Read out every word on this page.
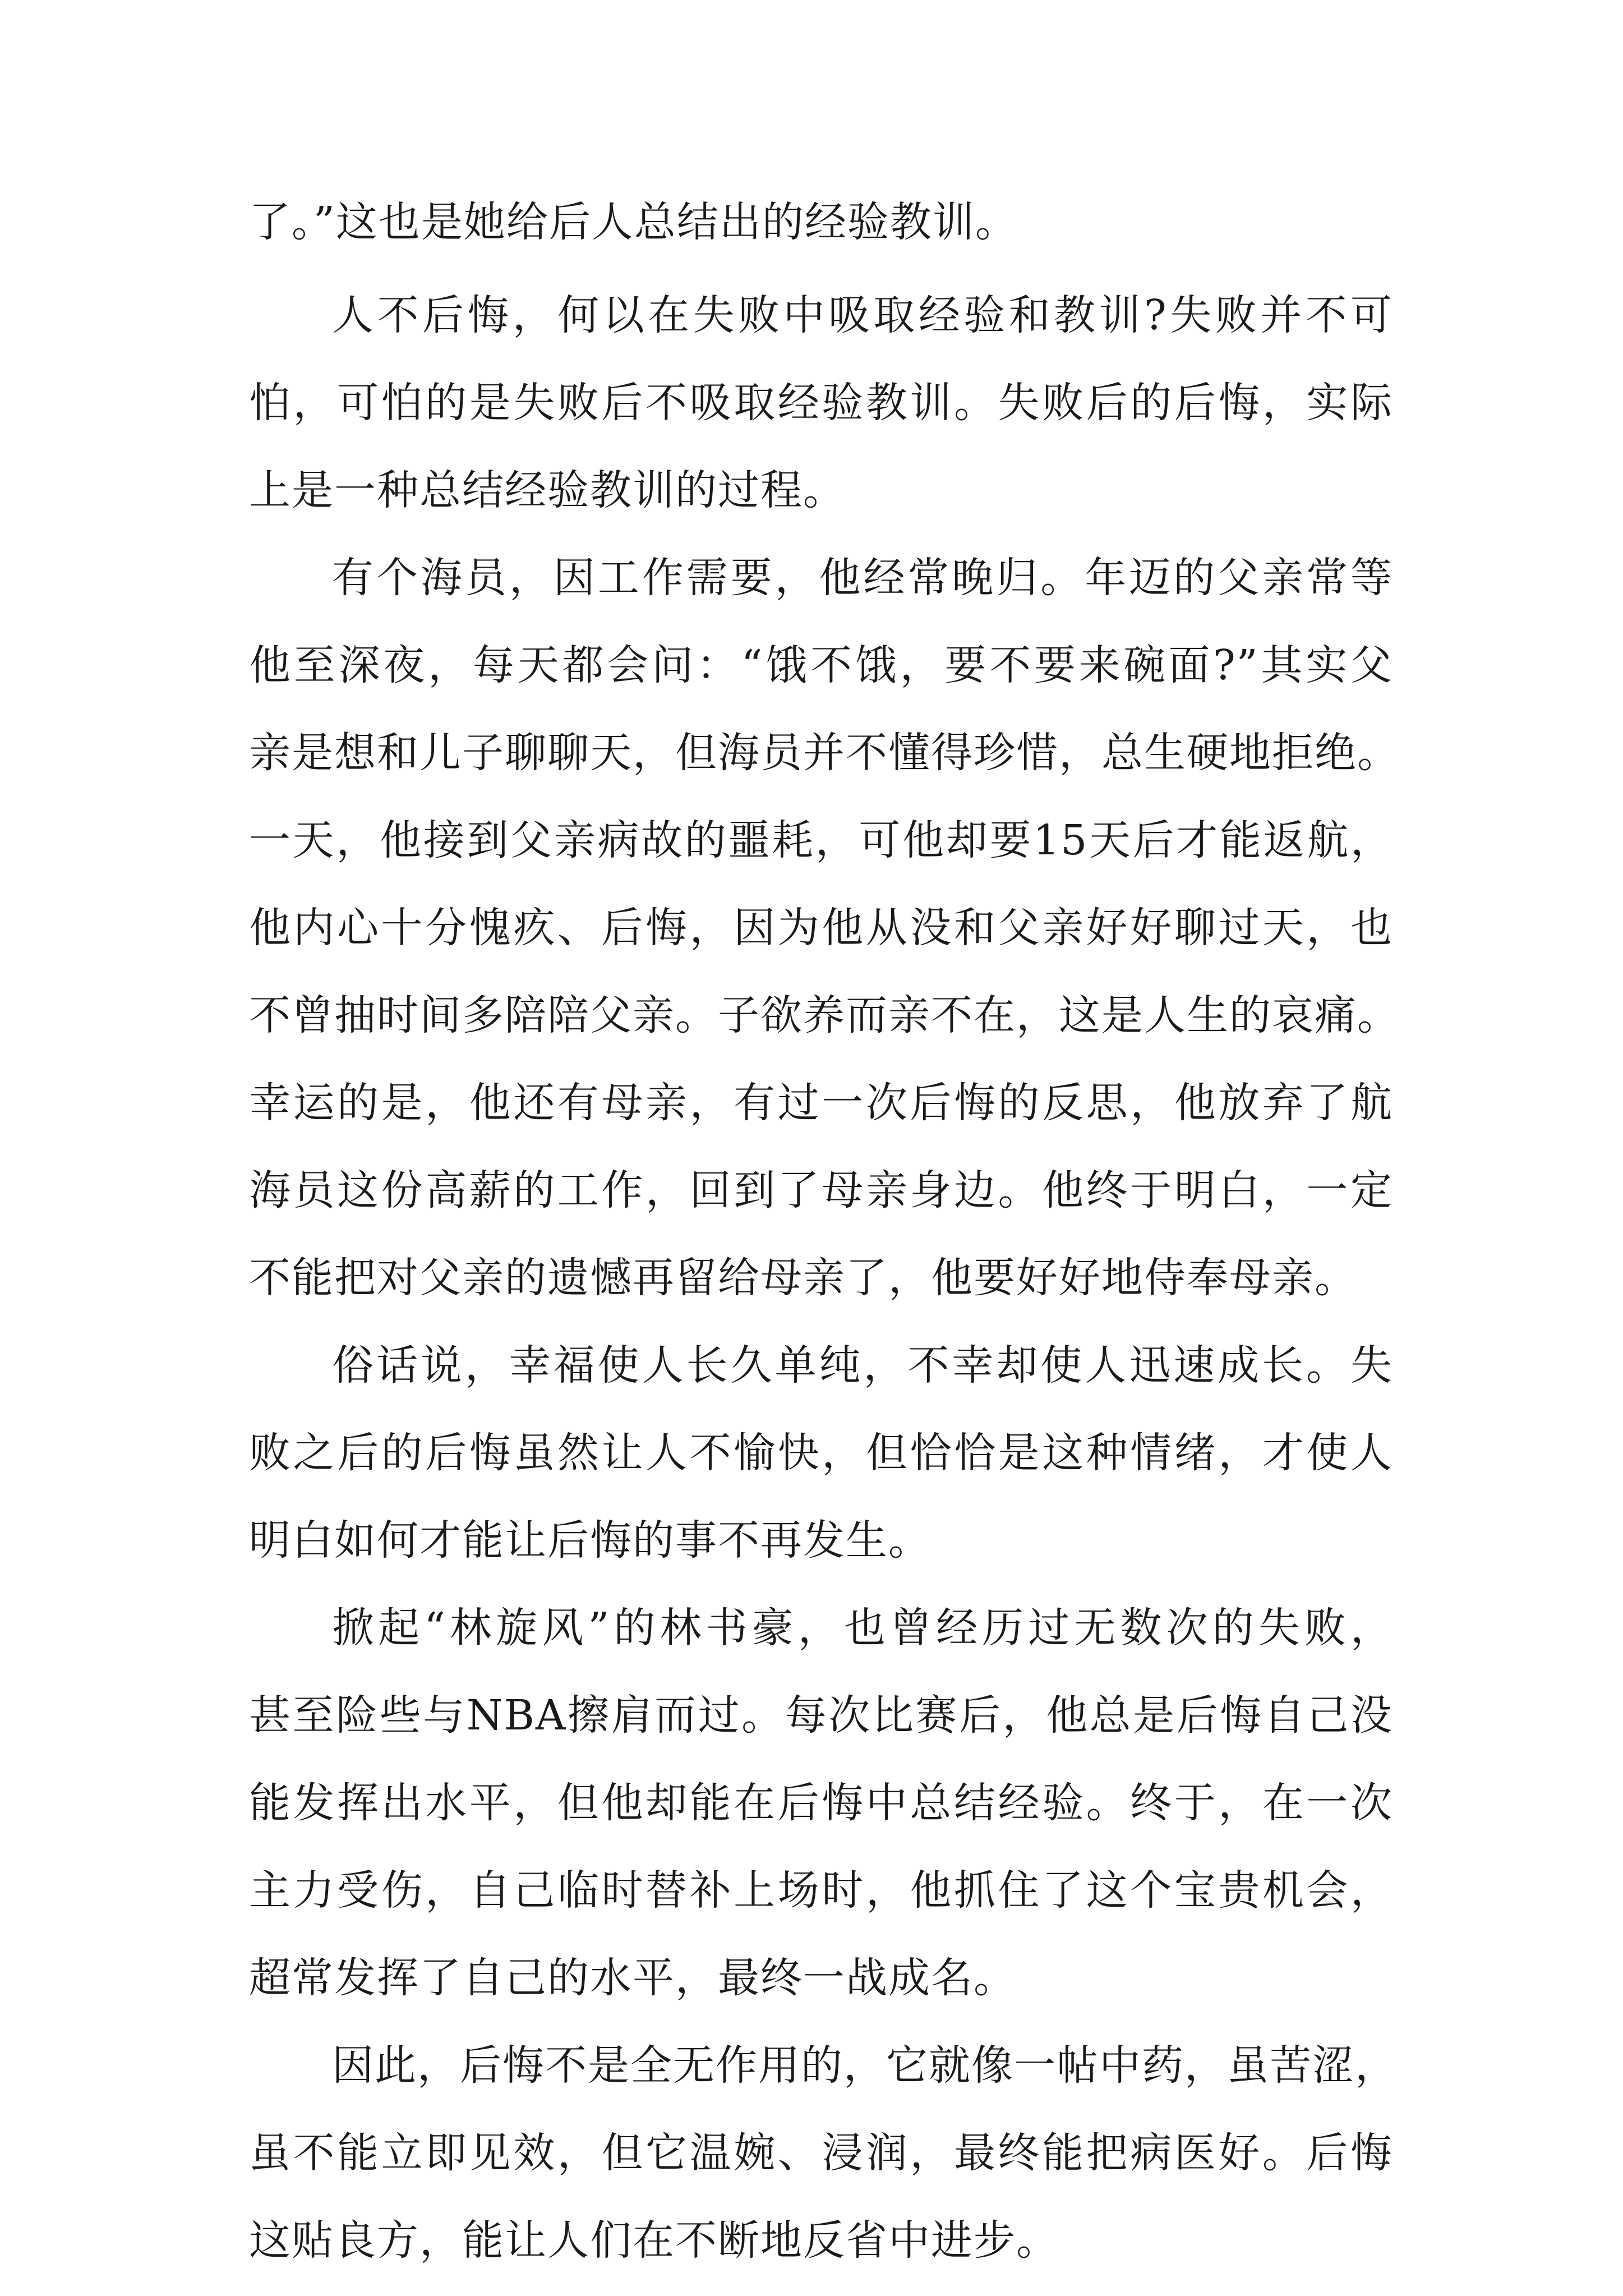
了。”这也是她给后人总结出的经验教训。
人不后悔，何以在失败中吸取经验和教训?失败并不可
怕，可怕的是失败后不吸取经验教训。失败后的后悔，实际
上是一种总结经验教训的过程。
有个海员，因工作需要，他经常晚归。年迈的父亲常等
他至深夜，每天都会问：“饿不饿，要不要来碗面?”其实父
亲是想和儿子聊聊天，但海员并不懂得珍惜，总生硬地拒绝。
一天，他接到父亲病故的噩耗，可他却要15天后才能返航，
他内心十分愧疚、后悔，因为他从没和父亲好好聊过天，也
不曾抽时间多陪陪父亲。子欲养而亲不在，这是人生的哀痛。
幸运的是，他还有母亲，有过一次后悔的反思，他放弃了航
海员这份高薪的工作，回到了母亲身边。他终于明白，一定
不能把对父亲的遗憾再留给母亲了，他要好好地侍奉母亲。
俗话说，幸福使人长久单纯，不幸却使人迅速成长。失
败之后的后悔虽然让人不愉快，但恰恰是这种情绪，才使人
明白如何才能让后悔的事不再发生。
掀起“林旋风”的林书豪，也曾经历过无数次的失败，
甚至险些与NBA擦肩而过。每次比赛后，他总是后悔自己没
能发挥出水平，但他却能在后悔中总结经验。终于，在一次
主力受伤，自己临时替补上场时，他抓住了这个宝贵机会，
超常发挥了自己的水平，最终一战成名。
因此，后悔不是全无作用的，它就像一帖中药，虽苦涩，
虽不能立即见效，但它温婉、浸润，最终能把病医好。后悔
这贴良方，能让人们在不断地反省中进步。
